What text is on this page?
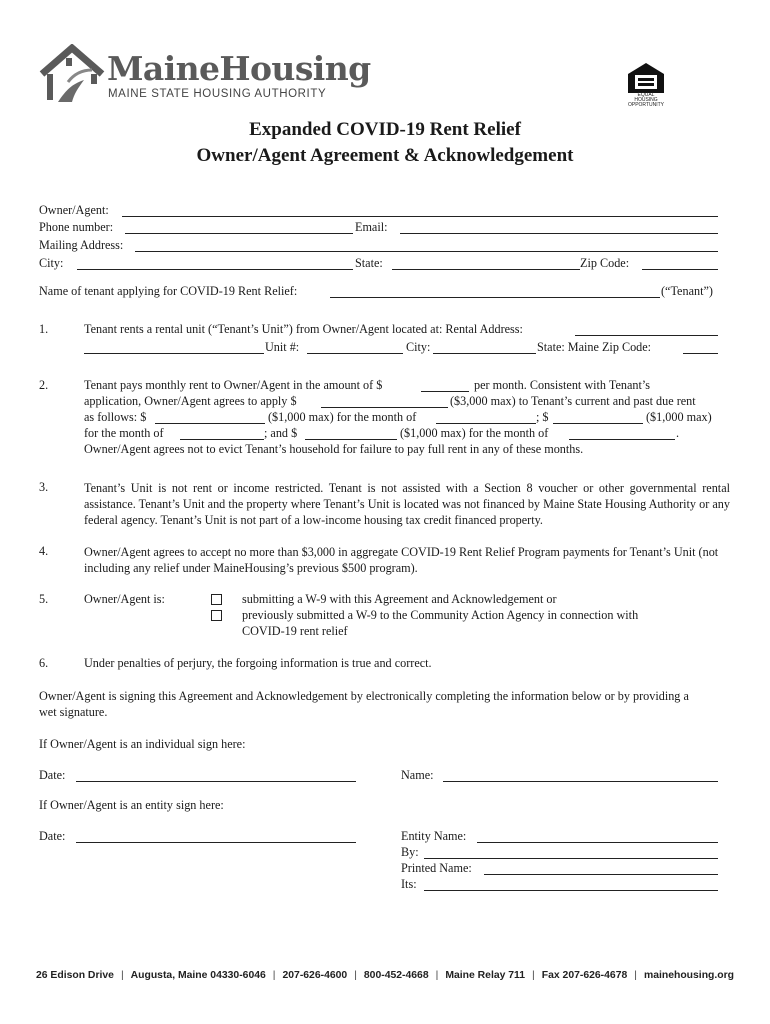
MaineHousing
MAINE STATE HOUSING AUTHORITY	EQUAL HOUSING OPPORTUNITY
Expanded COVID-19 Rent Relief
Owner/Agent Agreement & Acknowledgement
Owner/Agent:
Phone number:	Email:
Mailing Address:
City:	State:	Zip Code:
Name of tenant applying for COVID-19 Rent Relief:	(“Tenant”)
1.	Tenant rents a rental unit (“Tenant’s Unit”) from Owner/Agent located at: Rental Address:
Unit #:	City:	State: Maine Zip Code:
2.	Tenant pays monthly rent to Owner/Agent in the amount of $	per month. Consistent with Tenant’s
application, Owner/Agent agrees to apply $	($3,000 max) to Tenant’s current and past due rent
as follows: $	($1,000 max) for the month of	; $	($1,000 max)
for the month of	; and $	($1,000 max) for the month of	.
Owner/Agent agrees not to evict Tenant’s household for failure to pay full rent in any of these months.
3.	Tenant’s Unit is not rent or income restricted. Tenant is not assisted with a Section 8 voucher or other governmental rental assistance. Tenant’s Unit and the property where Tenant’s Unit is located was not financed by Maine State Housing Authority or any federal agency. Tenant’s Unit is not part of a low-income housing tax credit financed property.
4.	Owner/Agent agrees to accept no more than $3,000 in aggregate COVID-19 Rent Relief Program payments for Tenant’s Unit (not including any relief under MaineHousing’s previous $500 program).
5.	Owner/Agent is:	submitting a W-9 with this Agreement and Acknowledgement or
previously submitted a W-9 to the Community Action Agency in connection with
COVID-19 rent relief
6.	Under penalties of perjury, the forgoing information is true and correct.
Owner/Agent is signing this Agreement and Acknowledgement by electronically completing the information below or by providing a wet signature.
If Owner/Agent is an individual sign here:
Date:	Name:
If Owner/Agent is an entity sign here:
Date:	Entity Name:
By:
Printed Name:
Its:
26 Edison Drive | Augusta, Maine 04330-6046 | 207-626-4600 | 800-452-4668 | Maine Relay 711 | Fax 207-626-4678 | mainehousing.org
